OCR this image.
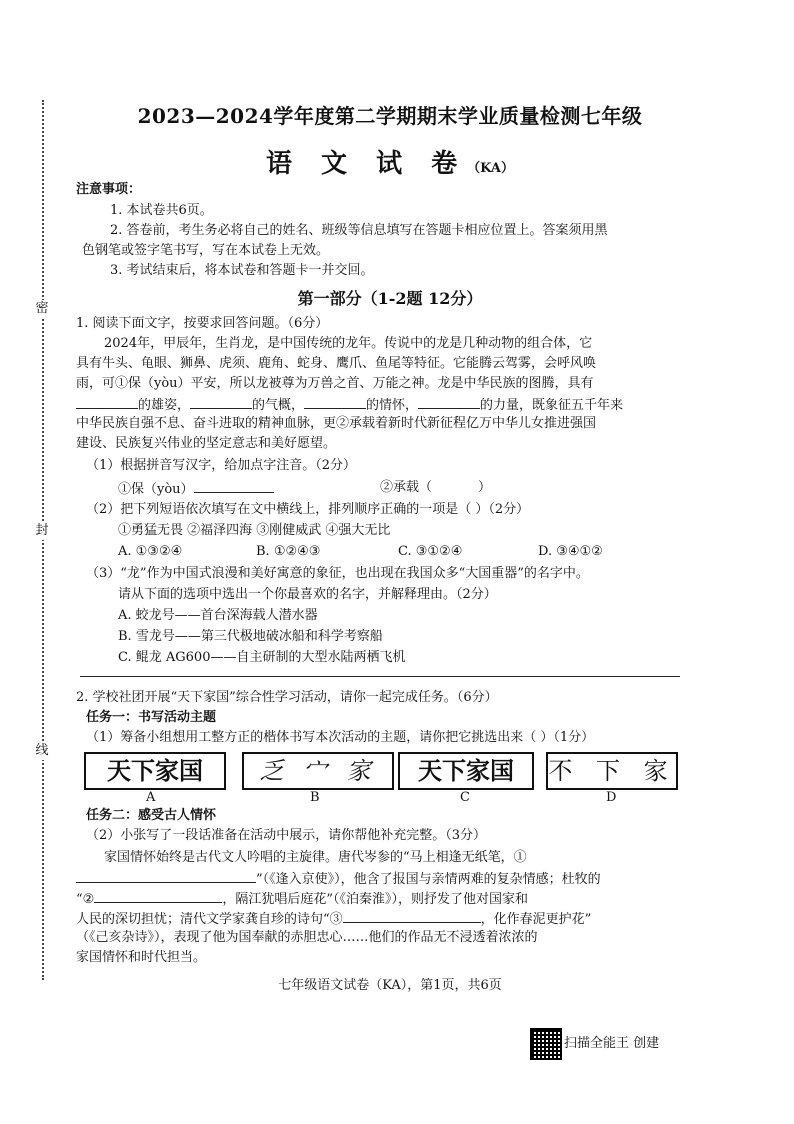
密
封
线
2023—2024学年度第二学期期末学业质量检测七年级
语 文 试 卷（KA）
注意事项：
1. 本试卷共6页。
2. 答卷前，考生务必将自己的姓名、班级等信息填写在答题卡相应位置上。答案须用黑
色钢笔或签字笔书写，写在本试卷上无效。
3. 考试结束后，将本试卷和答题卡一并交回。
第一部分（1-2题 12分）
1. 阅读下面文字，按要求回答问题。（6分）
2024年，甲辰年，生肖龙，是中国传统的龙年。传说中的龙是几种动物的组合体，它
具有牛头、龟眼、狮鼻、虎须、鹿角、蛇身、鹰爪、鱼尾等特征。它能腾云驾雾，会呼风唤
雨，可①保（yòu）平安，所以龙被尊为万兽之首、万能之神。龙是中华民族的图腾，具有
的雄姿，	的气概，	的情怀，	的力量，既象征五千年来
中华民族自强不息、奋斗进取的精神血脉，更②承载着新时代新征程亿万中华儿女推进强国
建设、民族复兴伟业的坚定意志和美好愿望。
（1）根据拼音写汉字，给加点字注音。（2分）
①保（yòu）	②承载（	）
（2）把下列短语依次填写在文中横线上，排列顺序正确的一项是（ ）（2分）
①勇猛无畏 ②福泽四海 ③刚健威武 ④强大无比
A. ①③②④	B. ①②④③	C. ③①②④	D. ③④①②
（3）“龙”作为中国式浪漫和美好寓意的象征，也出现在我国众多“大国重器”的名字中。
请从下面的选项中选出一个你最喜欢的名字，并解释理由。（2分）
A. 蛟龙号——首台深海载人潜水器
B. 雪龙号——第三代极地破冰船和科学考察船
C. 鲲龙 AG600——自主研制的大型水陆两栖飞机
2. 学校社团开展“天下家国”综合性学习活动，请你一起完成任务。（6分）
任务一：书写活动主题
（1）筹备小组想用工整方正的楷体书写本次活动的主题，请你把它挑选出来（ ）（1分）
天下家国	乏 宀 家	天下家国	不 下 家
A	B	C	D
任务二：感受古人情怀
（2）小张写了一段话准备在活动中展示，请你帮他补充完整。（3分）
家国情怀始终是古代文人吟唱的主旋律。唐代岑参的“马上相逢无纸笔，①
”（《逢入京使》），他含了报国与亲情两难的复杂情感；杜牧的
“②	，隔江犹唱后庭花”（《泊秦淮》），则抒发了他对国家和
人民的深切担忧；清代文学家龚自珍的诗句“③	，化作春泥更护花”
（《己亥杂诗》），表现了他为国奉献的赤胆忠心……他们的作品无不浸透着浓浓的
家国情怀和时代担当。
七年级语文试卷（KA），第1页，共6页
扫描全能王 创建
